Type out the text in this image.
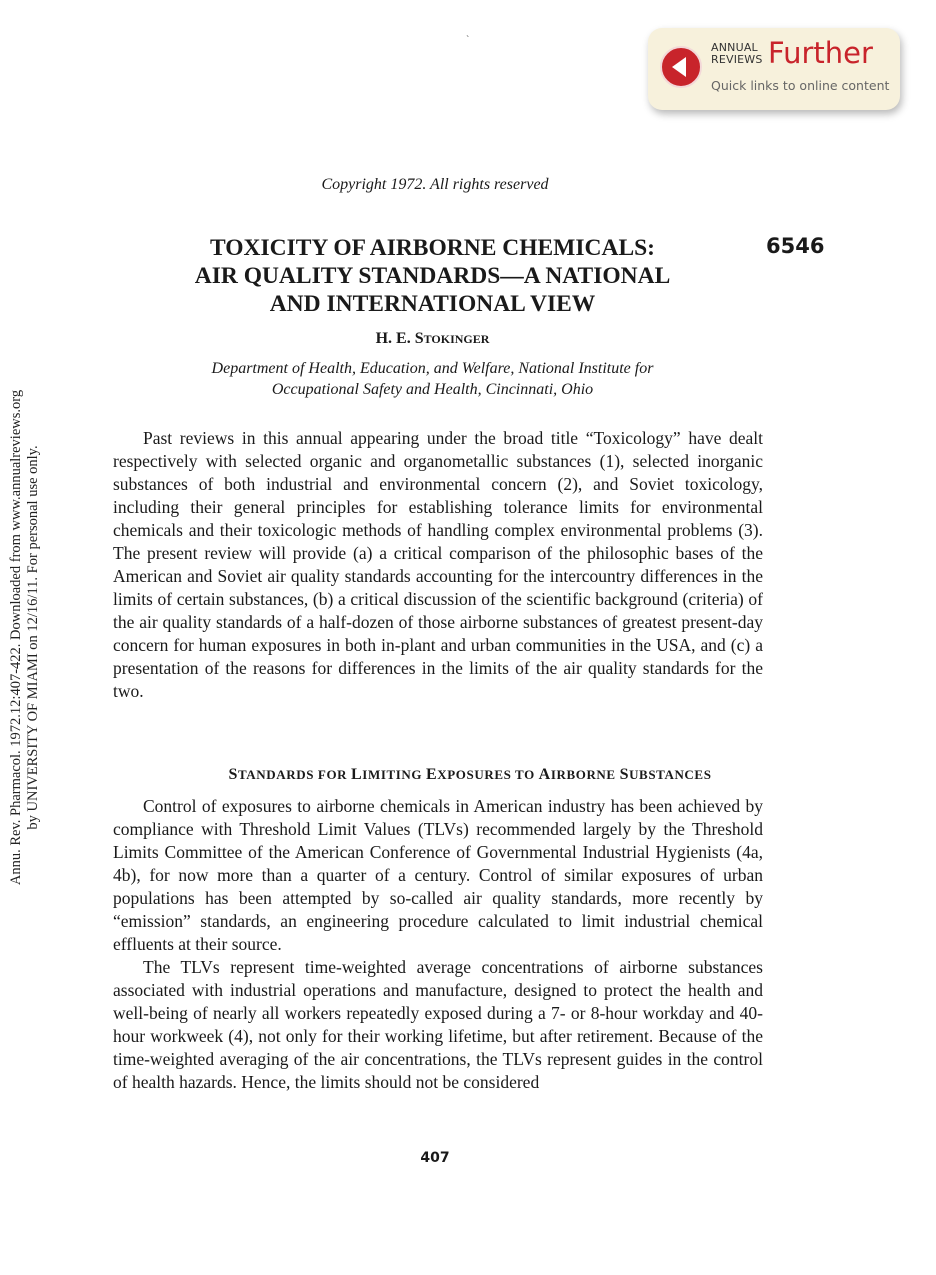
Annu. Rev. Pharmacol. 1972.12:407-422. Downloaded from www.annualreviews.org by UNIVERSITY OF MIAMI on 12/16/11. For personal use only.
`
ANNUAL
REVIEWS Further
Quick links to online content
Copyright 1972. All rights reserved
TOXICITY OF AIRBORNE CHEMICALS:
AIR QUALITY STANDARDS—A NATIONAL
AND INTERNATIONAL VIEW
6546
H. E. STOKINGER
Department of Health, Education, and Welfare, National Institute for
Occupational Safety and Health, Cincinnati, Ohio

Past reviews in this annual appearing under the broad title “Toxicology” have dealt respectively with selected organic and organometallic substances (1), selected inorganic substances of both industrial and environmental concern (2), and Soviet toxicology, including their general principles for establishing tolerance limits for environmental chemicals and their toxicologic methods of handling complex environmental problems (3). The present review will provide (a) a critical comparison of the philosophic bases of the American and Soviet air quality standards accounting for the intercountry differences in the limits of certain substances, (b) a critical discussion of the scientific background (criteria) of the air quality standards of a half-dozen of those airborne substances of greatest present-day concern for human exposures in both in-plant and urban communities in the USA, and (c) a presentation of the reasons for differences in the limits of the air quality standards for the two.

STANDARDS FOR LIMITING EXPOSURES TO AIRBORNE SUBSTANCES

Control of exposures to airborne chemicals in American industry has been achieved by compliance with Threshold Limit Values (TLVs) recommended largely by the Threshold Limits Committee of the American Conference of Governmental Industrial Hygienists (4a, 4b), for now more than a quarter of a century. Control of similar exposures of urban populations has been attempted by so-called air quality standards, more recently by “emission” standards, an engineering procedure calculated to limit industrial chemical effluents at their source.

The TLVs represent time-weighted average concentrations of airborne substances associated with industrial operations and manufacture, designed to protect the health and well-being of nearly all workers repeatedly exposed during a 7- or 8-hour workday and 40-hour workweek (4), not only for their working lifetime, but after retirement. Because of the time-weighted averaging of the air concentrations, the TLVs represent guides in the control of health hazards. Hence, the limits should not be considered

407
